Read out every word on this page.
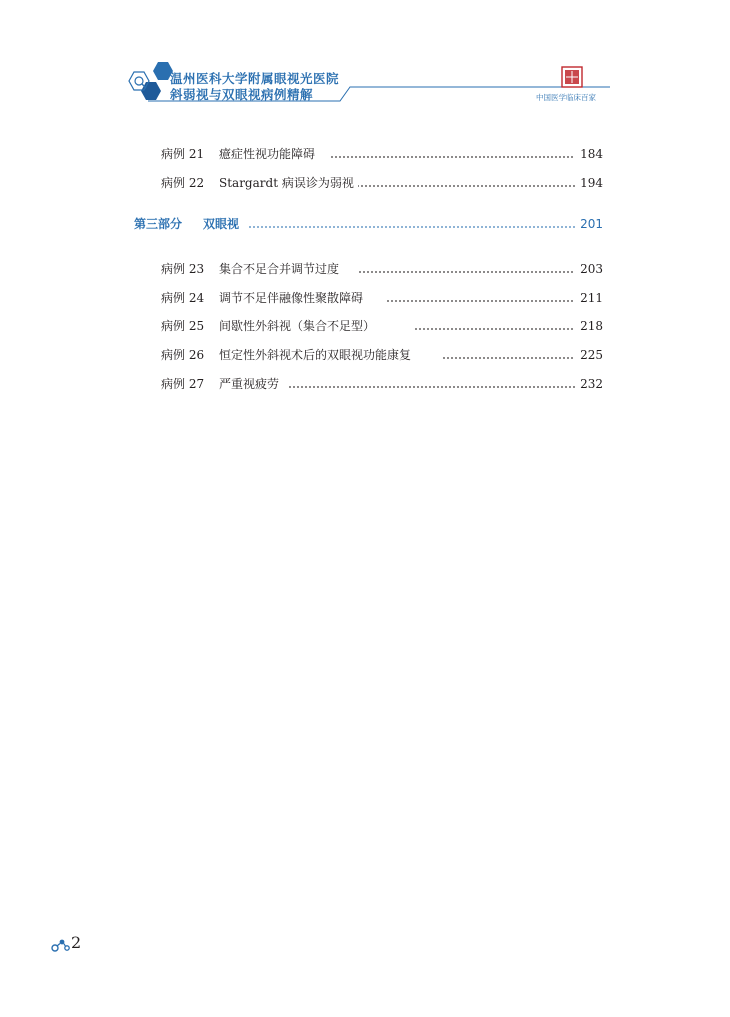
温州医科大学附属眼视光医院
斜弱视与双眼视病例精解	中国医学临床百家
病例 21 癔症性视功能障碍	184
病例 22 Stargardt 病误诊为弱视	194
第三部分 双眼视	201
病例 23 集合不足合并调节过度	203
病例 24 调节不足伴融像性聚散障碍	211
病例 25 间歇性外斜视（集合不足型）	218
病例 26 恒定性外斜视术后的双眼视功能康复	225
病例 27 严重视疲劳	232
2
